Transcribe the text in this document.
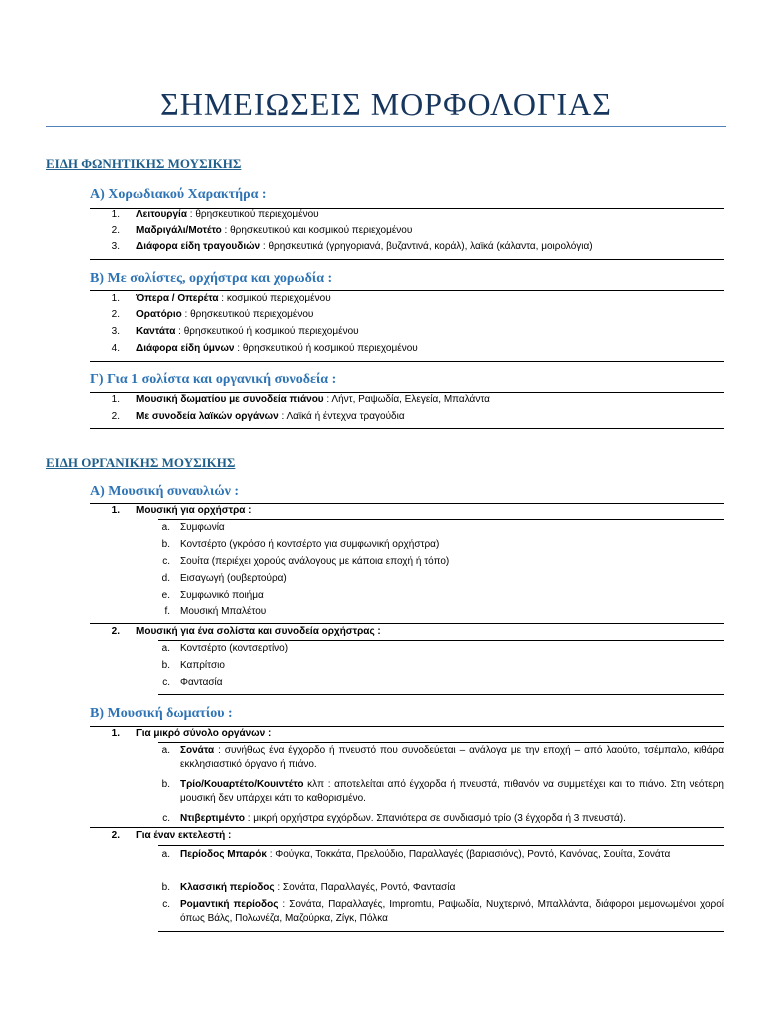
ΣΗΜΕΙΩΣΕΙΣ ΜΟΡΦΟΛΟΓΙΑΣ
ΕΙΔΗ ΦΩΝΗΤΙΚΗΣ ΜΟΥΣΙΚΗΣ
Α) Χορωδιακού Χαρακτήρα :
1. Λειτουργία : θρησκευτικού περιεχομένου
2. Μαδριγάλι/Μοτέτο : θρησκευτικού και κοσμικού περιεχομένου
3. Διάφορα είδη τραγουδιών : θρησκευτικά (γρηγοριανά, βυζαντινά, κοράλ), λαϊκά (κάλαντα, μοιρολόγια)
Β) Με σολίστες, ορχήστρα και χορωδία :
1. Όπερα / Οπερέτα : κοσμικού περιεχομένου
2. Ορατόριο : θρησκευτικού περιεχομένου
3. Καντάτα : θρησκευτικού ή κοσμικού περιεχομένου
4. Διάφορα είδη ύμνων : θρησκευτικού ή κοσμικού περιεχομένου
Γ) Για 1 σολίστα και οργανική συνοδεία :
1. Μουσική δωματίου με συνοδεία πιάνου : Λήντ, Ραψωδία, Ελεγεία, Μπαλάντα
2. Με συνοδεία λαϊκών οργάνων : Λαϊκά ή έντεχνα τραγούδια
ΕΙΔΗ ΟΡΓΑΝΙΚΗΣ ΜΟΥΣΙΚΗΣ
Α) Μουσική συναυλιών :
1. Μουσική για ορχήστρα :
a. Συμφωνία
b. Κοντσέρτο (γκρόσο ή κοντσέρτο για συμφωνική ορχήστρα)
c. Σουίτα (περιέχει χορούς ανάλογους με κάποια εποχή ή τόπο)
d. Εισαγωγή (ουβερτούρα)
e. Συμφωνικό ποιήμα
f. Μουσική Μπαλέτου
2. Μουσική για ένα σολίστα και συνοδεία ορχήστρας :
a. Κοντσέρτο (κοντσερτίνο)
b. Καπρίτσιο
c. Φαντασία
Β) Μουσική δωματίου :
1. Για μικρό σύνολο οργάνων :
a. Σονάτα : συνήθως ένα έγχορδο ή πνευστό που συνοδεύεται – ανάλογα με την εποχή – από λαούτο, τσέμπαλο, κιθάρα εκκλησιαστικό όργανο ή πιάνο.
b. Τρίο/Κουαρτέτο/Κουιντέτο κλπ : αποτελείται από έγχορδα ή πνευστά, πιθανόν να συμμετέχει και το πιάνο. Στη νεότερη μουσική δεν υπάρχει κάτι το καθορισμένο.
c. Ντιβερτιμέντο : μικρή ορχήστρα εγχόρδων. Σπανιότερα σε συνδιασμό τρίο (3 έγχορδα ή 3 πνευστά).
2. Για έναν εκτελεστή :
a. Περίοδος Μπαρόκ : Φούγκα, Τοκκάτα, Πρελούδιο, Παραλλαγές (βαριασιόνς), Ροντό, Κανόνας, Σουίτα, Σονάτα
b. Κλασσική περίοδος : Σονάτα, Παραλλαγές, Ροντό, Φαντασία
c. Ρομαντική περίοδος : Σονάτα, Παραλλαγές, Impromtu, Ραψωδία, Νυχτερινό, Μπαλλάντα, διάφοροι μεμονωμένοι χοροί όπως Βάλς, Πολωνέζα, Μαζούρκα, Ζίγκ, Πόλκα
